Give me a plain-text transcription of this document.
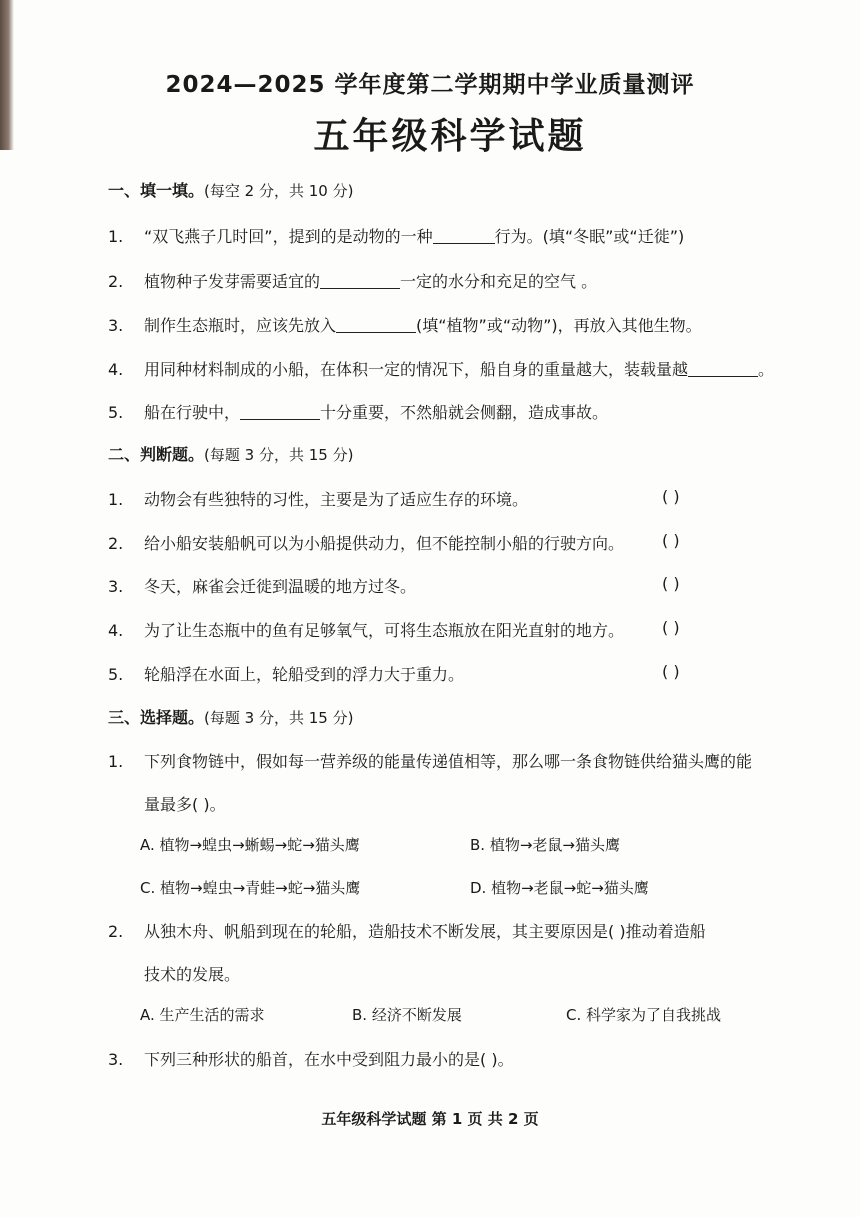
2024—2025 学年度第二学期期中学业质量测评
五年级科学试题
一、填一填。(每空 2 分，共 10 分)
1. “双飞燕子几时回”，提到的是动物的一种	行为。(填“冬眠”或“迁徙”)
2. 植物种子发芽需要适宜的	一定的水分和充足的空气 。
3. 制作生态瓶时，应该先放入	(填“植物”或“动物”)，再放入其他生物。
4. 用同种材料制成的小船，在体积一定的情况下，船自身的重量越大，装载量越	。
5. 船在行驶中，	十分重要，不然船就会侧翻，造成事故。
二、判断题。(每题 3 分，共 15 分)
1. 动物会有些独特的习性，主要是为了适应生存的环境。	( )
2. 给小船安装船帆可以为小船提供动力，但不能控制小船的行驶方向。 ( )
3. 冬天，麻雀会迁徙到温暖的地方过冬。	( )
4. 为了让生态瓶中的鱼有足够氧气，可将生态瓶放在阳光直射的地方。 ( )
5. 轮船浮在水面上，轮船受到的浮力大于重力。	( )
三、选择题。(每题 3 分，共 15 分)
1. 下列食物链中，假如每一营养级的能量传递值相等，那么哪一条食物链供给猫头鹰的能
量最多( )。
A. 植物→蝗虫→蜥蜴→蛇→猫头鹰	B. 植物→老鼠→猫头鹰
C. 植物→蝗虫→青蛙→蛇→猫头鹰	D. 植物→老鼠→蛇→猫头鹰
2. 从独木舟、帆船到现在的轮船，造船技术不断发展，其主要原因是( )推动着造船
技术的发展。
A. 生产生活的需求	B. 经济不断发展	C. 科学家为了自我挑战
3. 下列三种形状的船首，在水中受到阻力最小的是( )。
五年级科学试题 第 1 页 共 2 页
